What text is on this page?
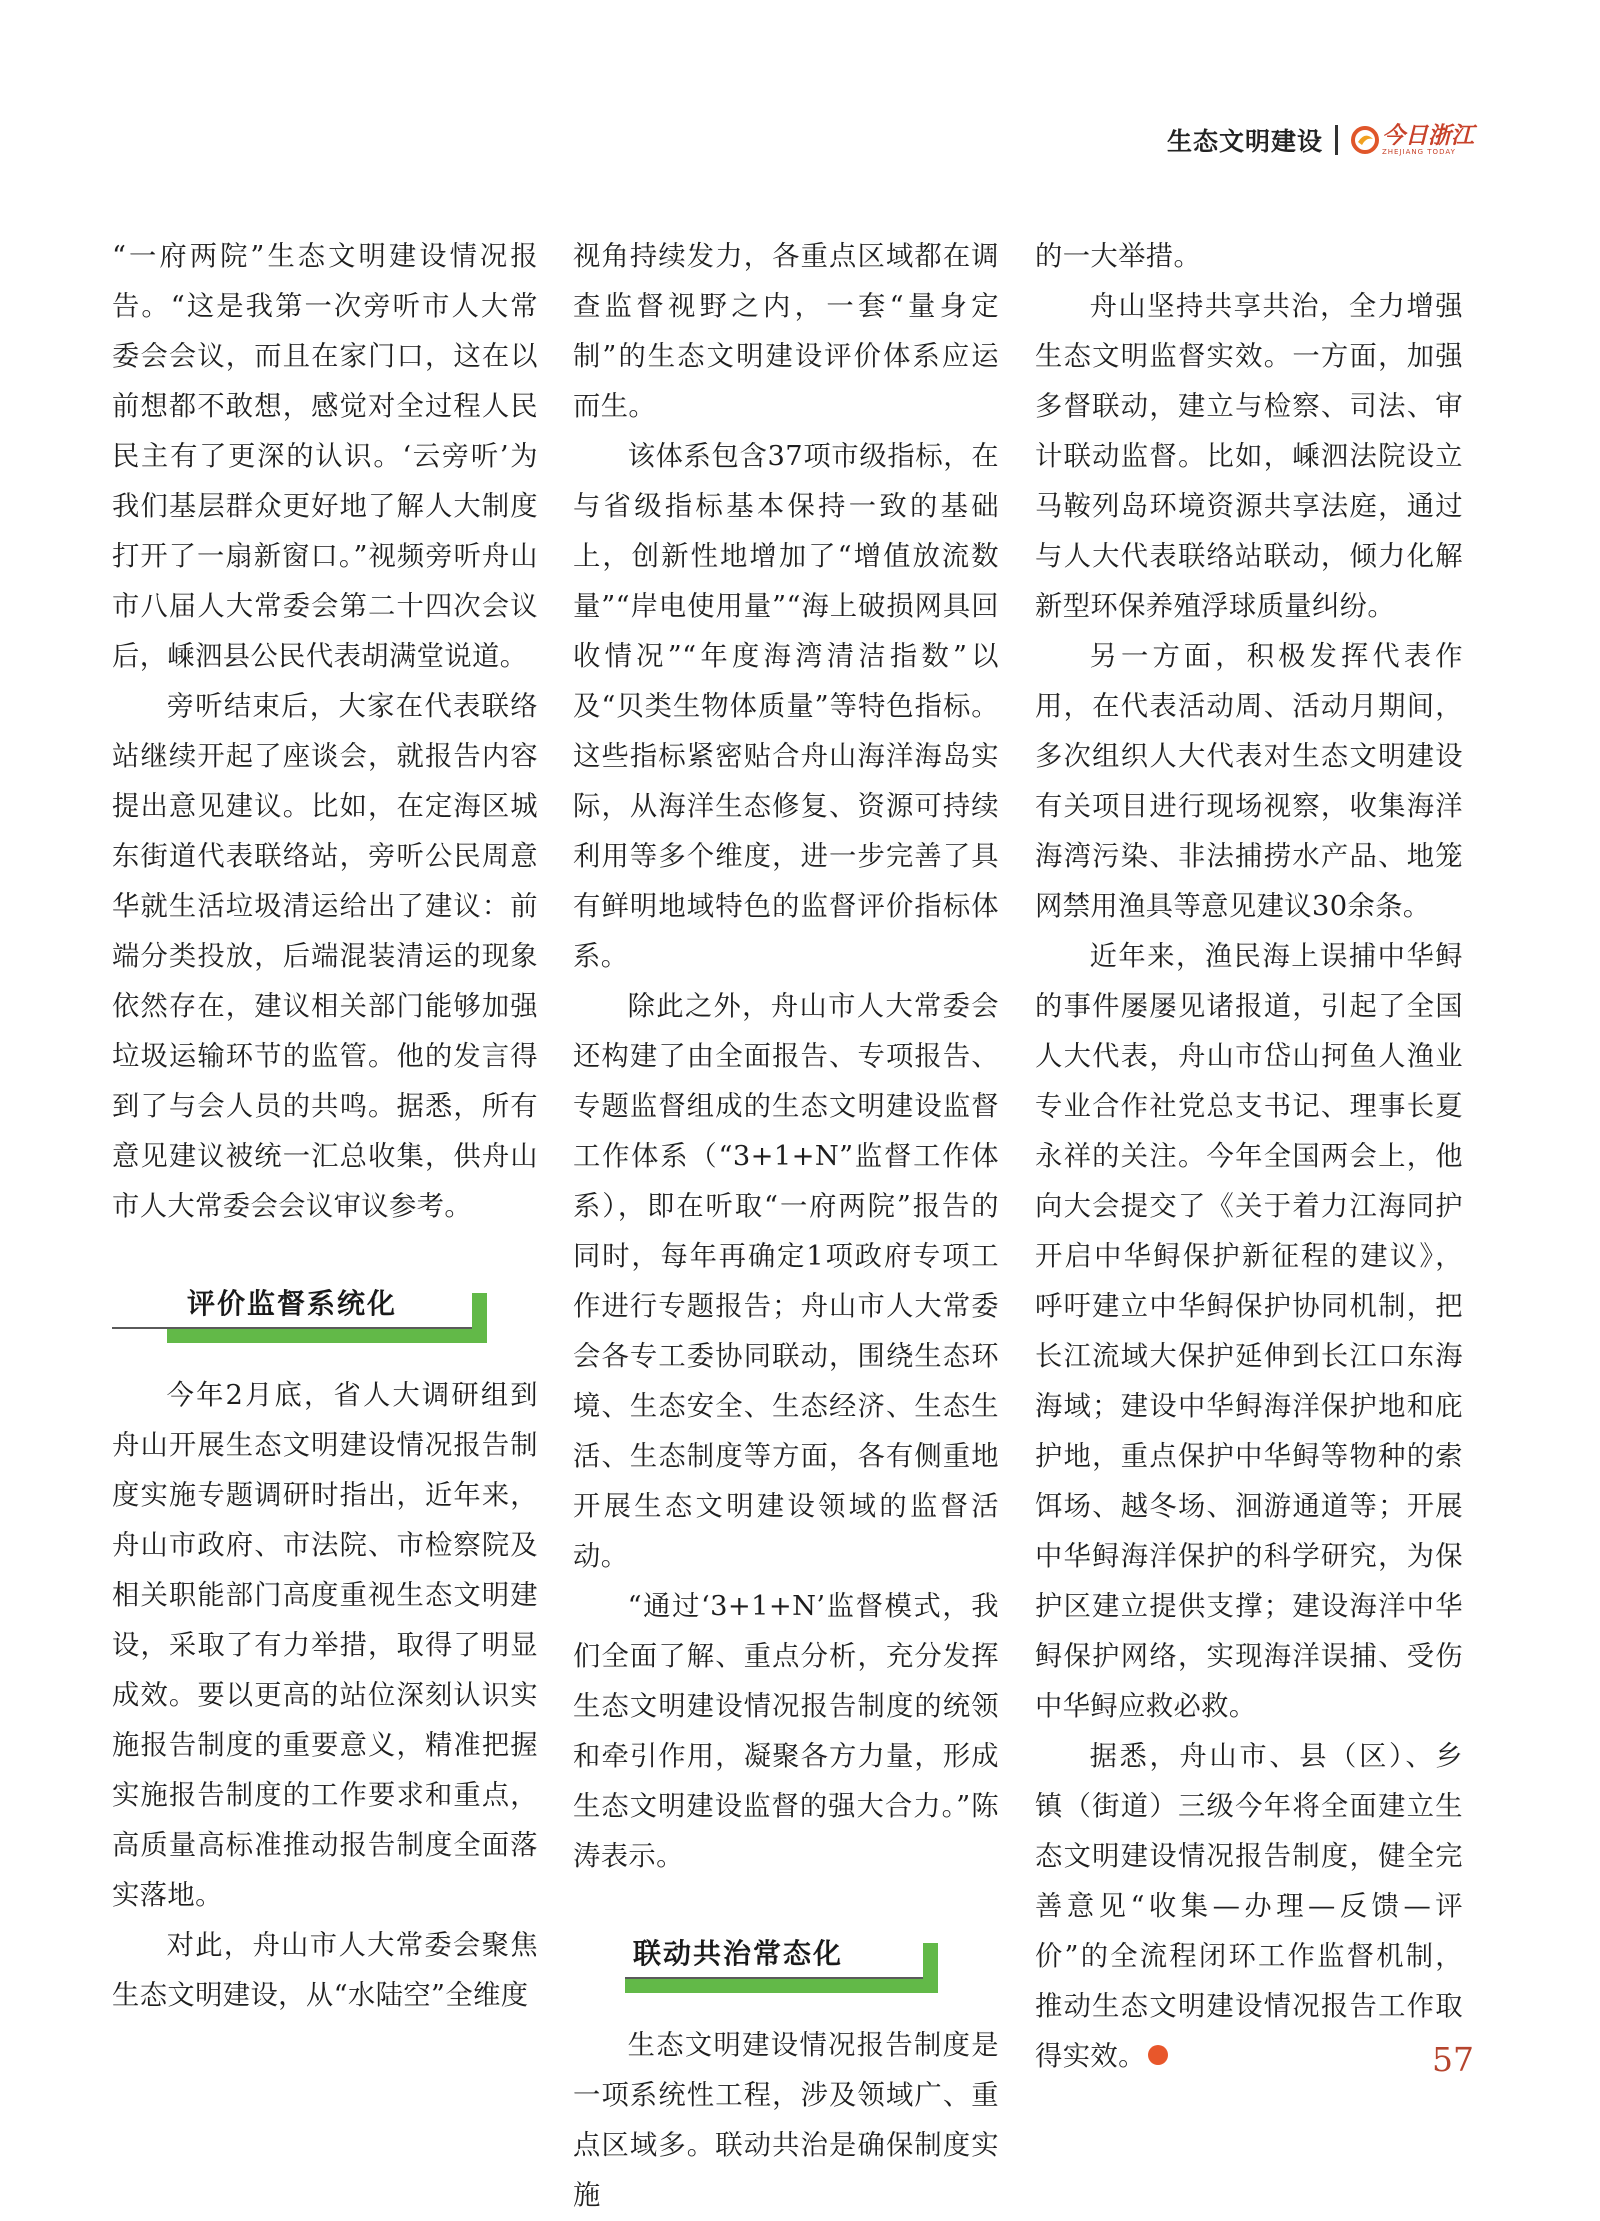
生态文明建设	今日浙江
ZHEJIANG TODAY

“一府两院”生态文明建设情况报告。“这是我第一次旁听市人大常委会会议，而且在家门口，这在以前想都不敢想，感觉对全过程人民民主有了更深的认识。‘云旁听’为我们基层群众更好地了解人大制度打开了一扇新窗口。”视频旁听舟山市八届人大常委会第二十四次会议后，嵊泗县公民代表胡满堂说道。

旁听结束后，大家在代表联络站继续开起了座谈会，就报告内容提出意见建议。比如，在定海区城东街道代表联络站，旁听公民周意华就生活垃圾清运给出了建议：前端分类投放，后端混装清运的现象依然存在，建议相关部门能够加强垃圾运输环节的监管。他的发言得到了与会人员的共鸣。据悉，所有意见建议被统一汇总收集，供舟山市人大常委会会议审议参考。

评价监督系统化

今年2月底，省人大调研组到舟山开展生态文明建设情况报告制度实施专题调研时指出，近年来，舟山市政府、市法院、市检察院及相关职能部门高度重视生态文明建设，采取了有力举措，取得了明显成效。要以更高的站位深刻认识实施报告制度的重要意义，精准把握实施报告制度的工作要求和重点，高质量高标准推动报告制度全面落实落地。

对此，舟山市人大常委会聚焦生态文明建设，从“水陆空”全维度

视角持续发力，各重点区域都在调查监督视野之内，一套“量身定制”的生态文明建设评价体系应运而生。

该体系包含37项市级指标，在与省级指标基本保持一致的基础上，创新性地增加了“增值放流数量”“岸电使用量”“海上破损网具回收情况”“年度海湾清洁指数”以及“贝类生物体质量”等特色指标。这些指标紧密贴合舟山海洋海岛实际，从海洋生态修复、资源可持续利用等多个维度，进一步完善了具有鲜明地域特色的监督评价指标体系。

除此之外，舟山市人大常委会还构建了由全面报告、专项报告、专题监督组成的生态文明建设监督工作体系（“3+1+N”监督工作体系），即在听取“一府两院”报告的同时，每年再确定1项政府专项工作进行专题报告；舟山市人大常委会各专工委协同联动，围绕生态环境、生态安全、生态经济、生态生活、生态制度等方面，各有侧重地开展生态文明建设领域的监督活动。

“通过‘3+1+N’监督模式，我们全面了解、重点分析，充分发挥生态文明建设情况报告制度的统领和牵引作用，凝聚各方力量，形成生态文明建设监督的强大合力。”陈涛表示。

联动共治常态化

生态文明建设情况报告制度是一项系统性工程，涉及领域广、重点区域多。联动共治是确保制度实施

的一大举措。

舟山坚持共享共治，全力增强生态文明监督实效。一方面，加强多督联动，建立与检察、司法、审计联动监督。比如，嵊泗法院设立马鞍列岛环境资源共享法庭，通过与人大代表联络站联动，倾力化解新型环保养殖浮球质量纠纷。

另一方面，积极发挥代表作用，在代表活动周、活动月期间，多次组织人大代表对生态文明建设有关项目进行现场视察，收集海洋海湾污染、非法捕捞水产品、地笼网禁用渔具等意见建议30余条。

近年来，渔民海上误捕中华鲟的事件屡屡见诸报道，引起了全国人大代表，舟山市岱山抲鱼人渔业专业合作社党总支书记、理事长夏永祥的关注。今年全国两会上，他向大会提交了《关于着力江海同护　开启中华鲟保护新征程的建议》，呼吁建立中华鲟保护协同机制，把长江流域大保护延伸到长江口东海海域；建设中华鲟海洋保护地和庇护地，重点保护中华鲟等物种的索饵场、越冬场、洄游通道等；开展中华鲟海洋保护的科学研究，为保护区建立提供支撑；建设海洋中华鲟保护网络，实现海洋误捕、受伤中华鲟应救必救。

据悉，舟山市、县（区）、乡镇（街道）三级今年将全面建立生态文明建设情况报告制度，健全完善意见“收集—办理—反馈—评价”的全流程闭环工作监督机制，推动生态文明建设情况报告工作取得实效。	57
